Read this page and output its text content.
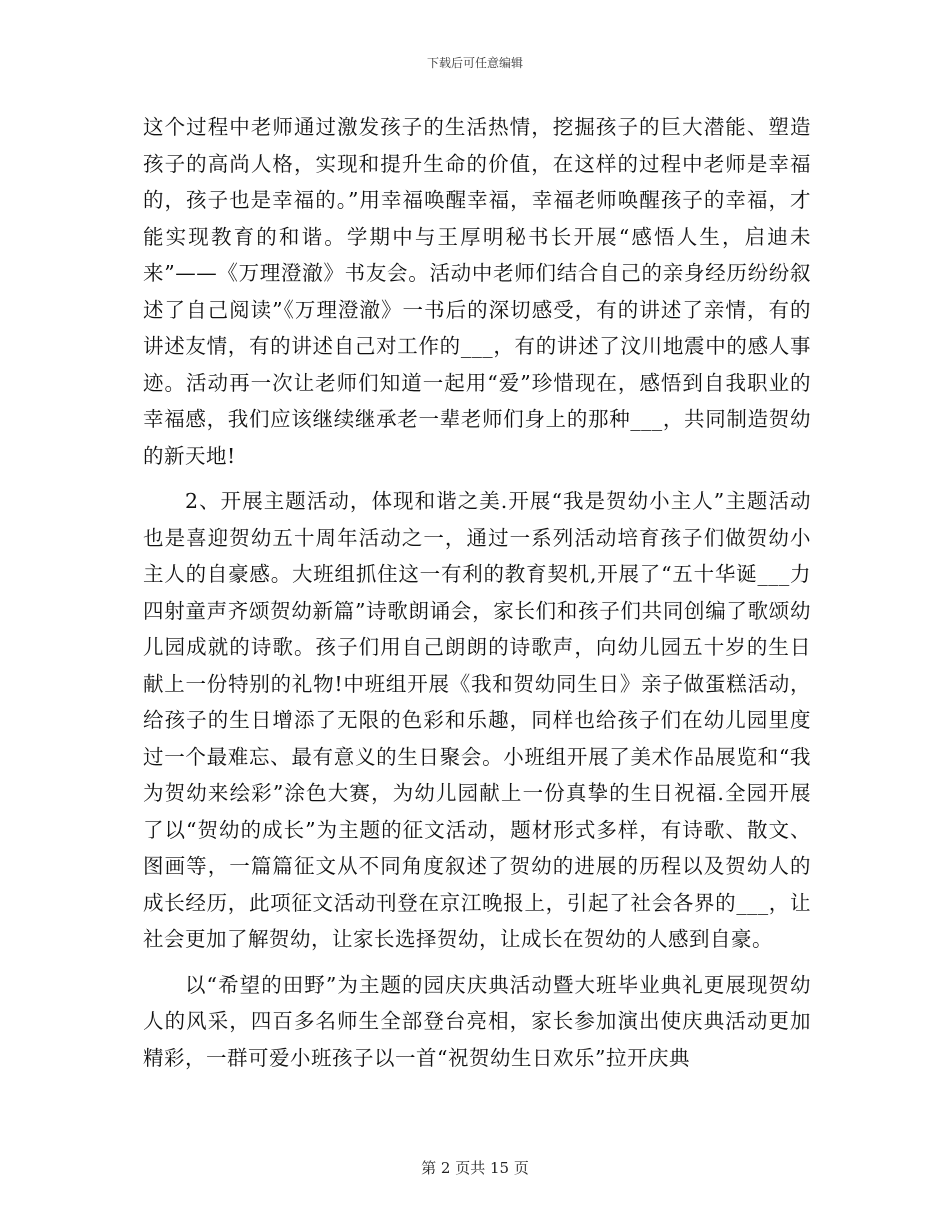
下载后可任意编辑

这个过程中老师通过激发孩子的生活热情，挖掘孩子的巨大潜能、塑造孩子的高尚人格，实现和提升生命的价值，在这样的过程中老师是幸福的，孩子也是幸福的。”用幸福唤醒幸福，幸福老师唤醒孩子的幸福，才能实现教育的和谐。学期中与王厚明秘书长开展“感悟人生，启迪未来”——《万理澄澈》书友会。活动中老师们结合自己的亲身经历纷纷叙述了自己阅读”《万理澄澈》一书后的深切感受，有的讲述了亲情，有的讲述友情，有的讲述自己对工作的___，有的讲述了汶川地震中的感人事迹。活动再一次让老师们知道一起用“爱”珍惜现在，感悟到自我职业的幸福感，我们应该继续继承老一辈老师们身上的那种___，共同制造贺幼的新天地!

2、开展主题活动，体现和谐之美.开展“我是贺幼小主人”主题活动也是喜迎贺幼五十周年活动之一，通过一系列活动培育孩子们做贺幼小主人的自豪感。大班组抓住这一有利的教育契机,开展了“五十华诞___力四射童声齐颂贺幼新篇”诗歌朗诵会，家长们和孩子们共同创编了歌颂幼儿园成就的诗歌。孩子们用自己朗朗的诗歌声，向幼儿园五十岁的生日献上一份特别的礼物!中班组开展《我和贺幼同生日》亲子做蛋糕活动，给孩子的生日增添了无限的色彩和乐趣，同样也给孩子们在幼儿园里度过一个最难忘、最有意义的生日聚会。小班组开展了美术作品展览和“我为贺幼来绘彩”涂色大赛，为幼儿园献上一份真挚的生日祝福.全园开展了以“贺幼的成长”为主题的征文活动，题材形式多样，有诗歌、散文、图画等，一篇篇征文从不同角度叙述了贺幼的进展的历程以及贺幼人的成长经历，此项征文活动刊登在京江晚报上，引起了社会各界的___，让社会更加了解贺幼，让家长选择贺幼，让成长在贺幼的人感到自豪。

以“希望的田野”为主题的园庆庆典活动暨大班毕业典礼更展现贺幼人的风采，四百多名师生全部登台亮相，家长参加演出使庆典活动更加精彩，一群可爱小班孩子以一首“祝贺幼生日欢乐”拉开庆典

第 2 页共 15 页
